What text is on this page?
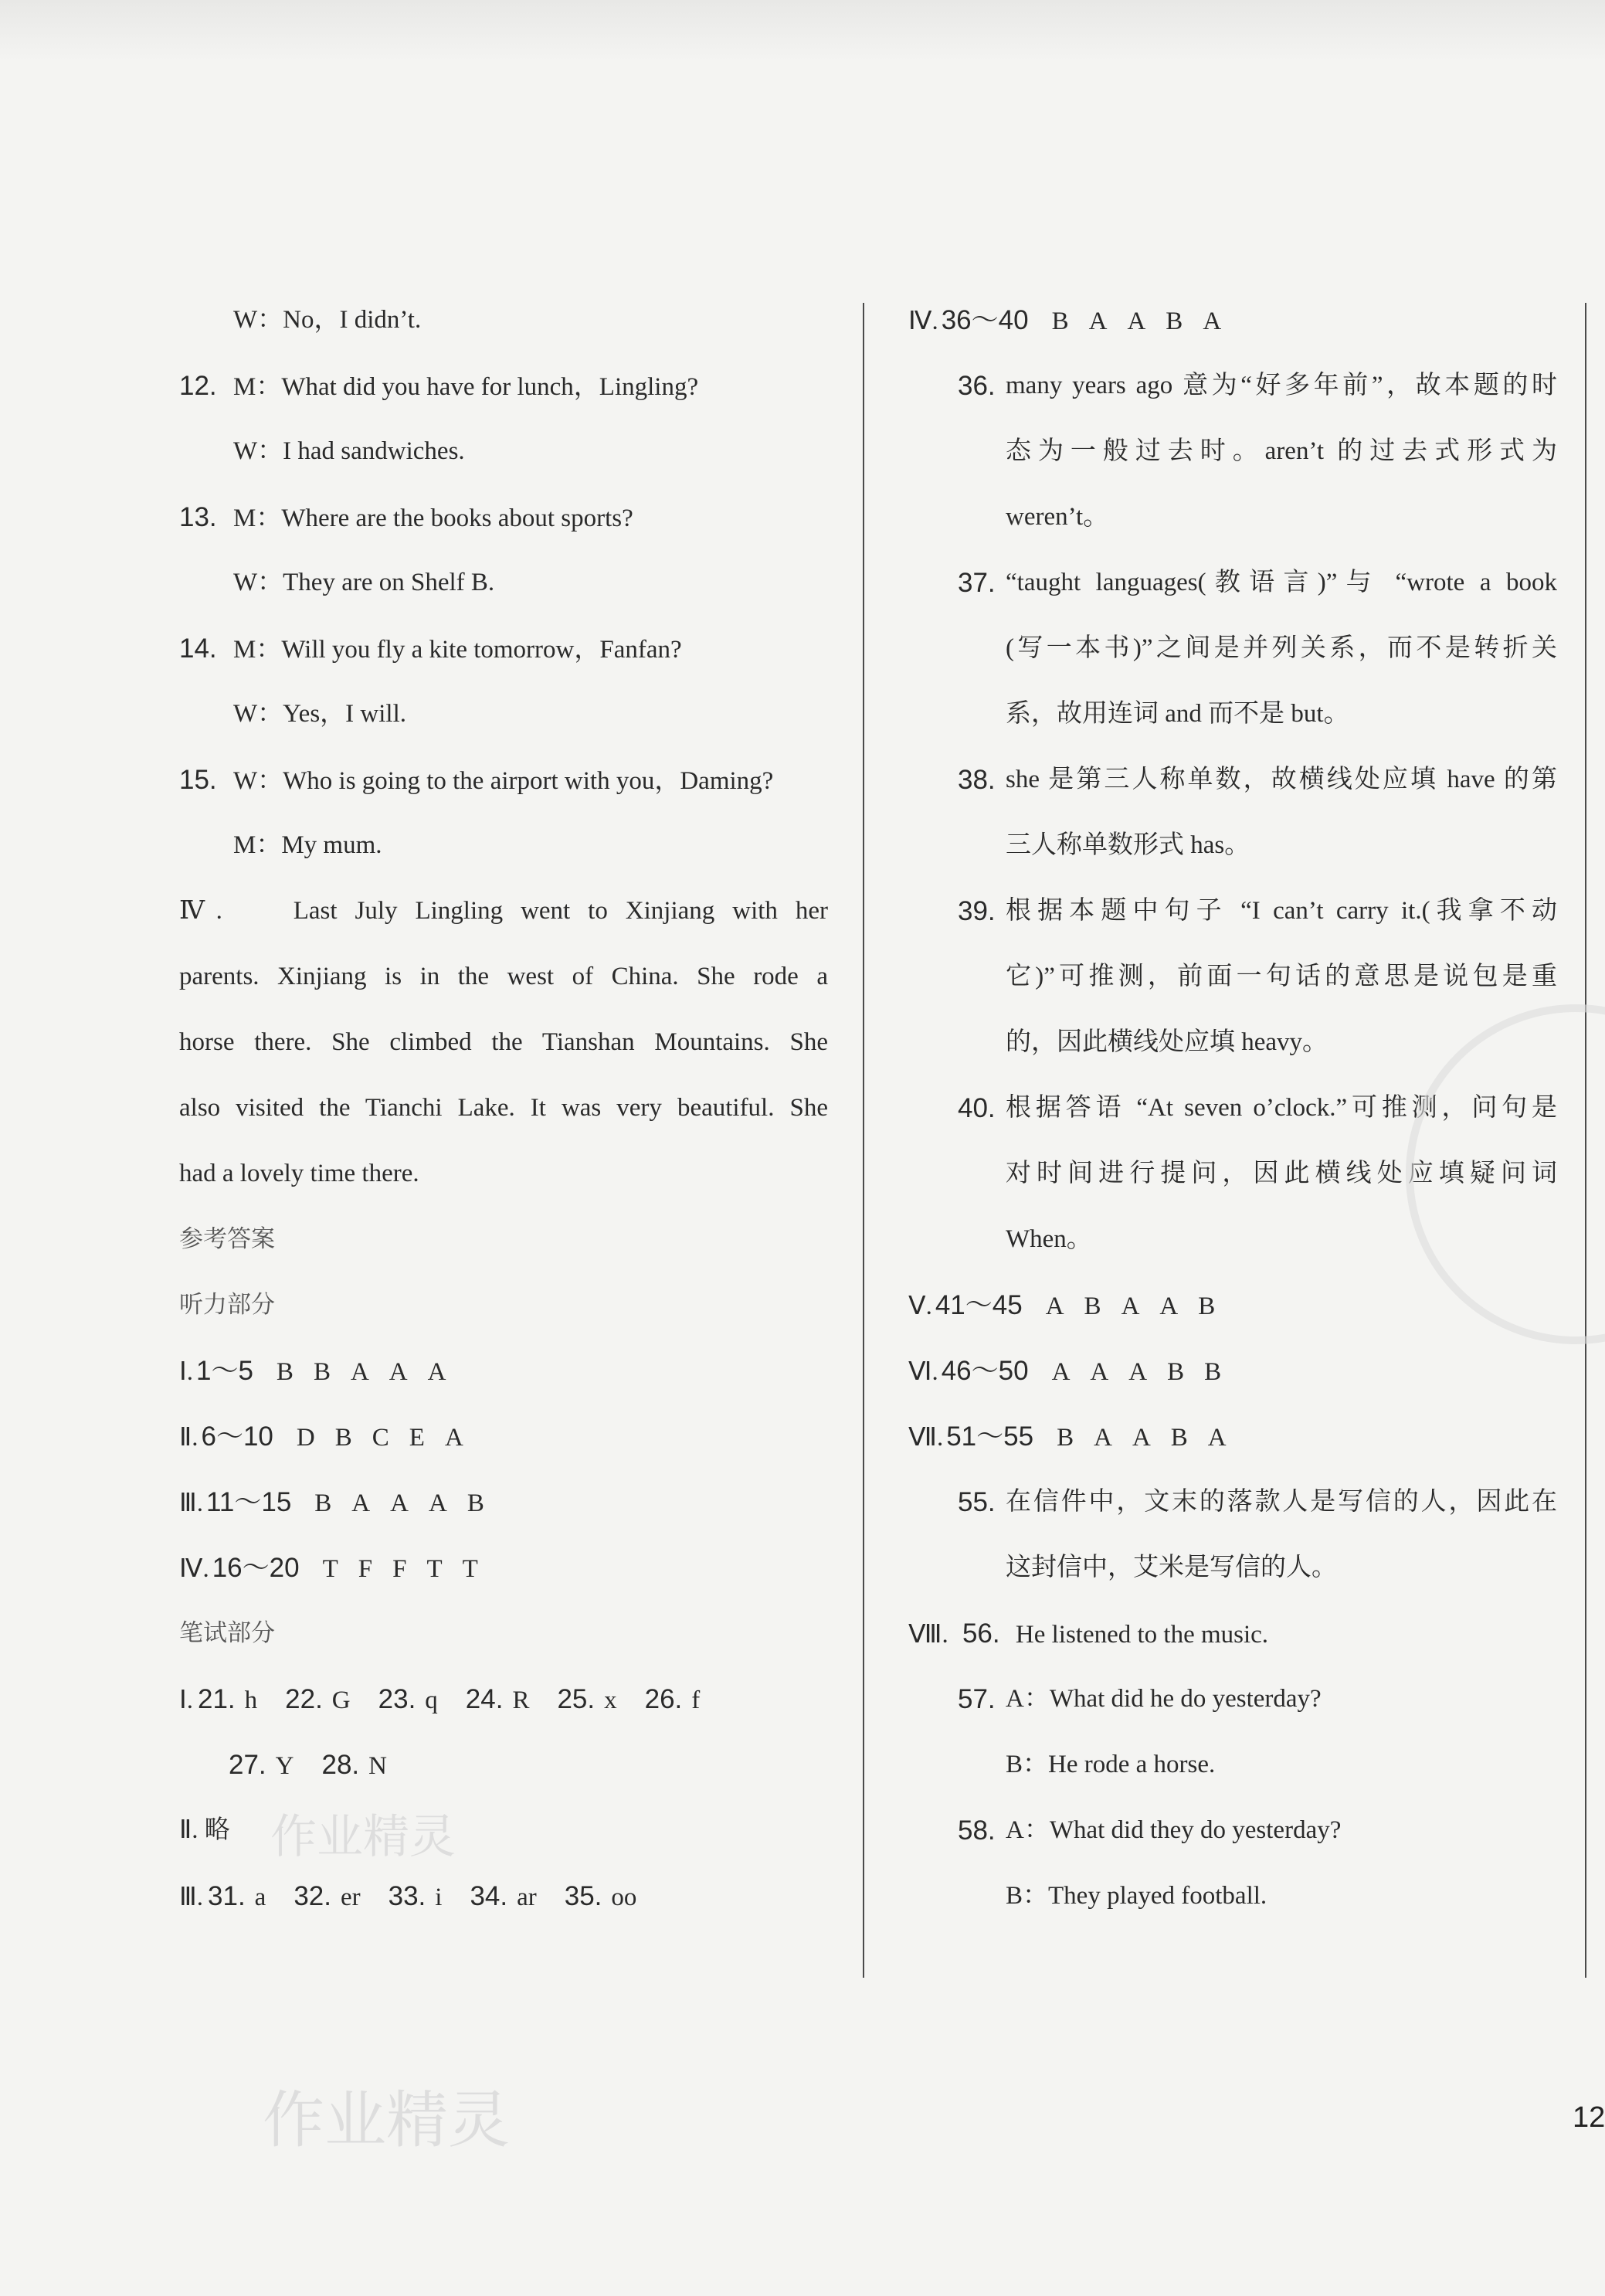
W：No，I didn’t.
12. M：What did you have for lunch，Lingling?
W：I had sandwiches.
13. M：Where are the books about sports?
W：They are on Shelf B.
14. M：Will you fly a kite tomorrow，Fanfan?
W：Yes，I will.
15. W：Who is going to the airport with you，Daming?
M：My mum.
Ⅳ.    Last July Lingling went to Xinjiang with her
parents. Xinjiang is in the west of China. She rode a
horse there. She climbed the Tianshan Mountains. She
also visited the Tianchi Lake. It was very beautiful. She
had a lovely time there.
参考答案
听力部分
Ⅰ. 1～5 B B A A A
Ⅱ. 6～10 D B C E A
Ⅲ. 11～15 B A A A B
Ⅳ. 16～20 T F F T T
笔试部分
Ⅰ. 21. h 22. G 23. q 24. R 25. x 26. f
27. Y 28. N
Ⅱ. 略
Ⅲ. 31. a 32. er 33. i 34. ar 35. oo
Ⅳ. 36～40 B A A B A
36. many years ago 意为“好多年前”，故本题的时
态为一般过去时。aren’t 的过去式形式为
weren’t。
37. “taught languages(教语言)”与 “wrote a book
(写一本书)”之间是并列关系，而不是转折关
系，故用连词 and 而不是 but。
38. she 是第三人称单数，故横线处应填 have 的第
三人称单数形式 has。
39. 根据本题中句子 “I can’t carry it.(我拿不动
它)”可推测，前面一句话的意思是说包是重
的，因此横线处应填 heavy。
40. 根据答语 “At seven o’clock.”可推测，问句是
对时间进行提问，因此横线处应填疑问词
When。
Ⅴ. 41～45 A B A A B
Ⅵ. 46～50 A A A B B
Ⅶ. 51～55 B A A B A
55. 在信件中，文末的落款人是写信的人，因此在
这封信中，艾米是写信的人。
Ⅷ. 56. He listened to the music.
57. A：What did he do yesterday?
B：He rode a horse.
58. A：What did they do yesterday?
B：They played football.
作业精灵
作业精灵	12
